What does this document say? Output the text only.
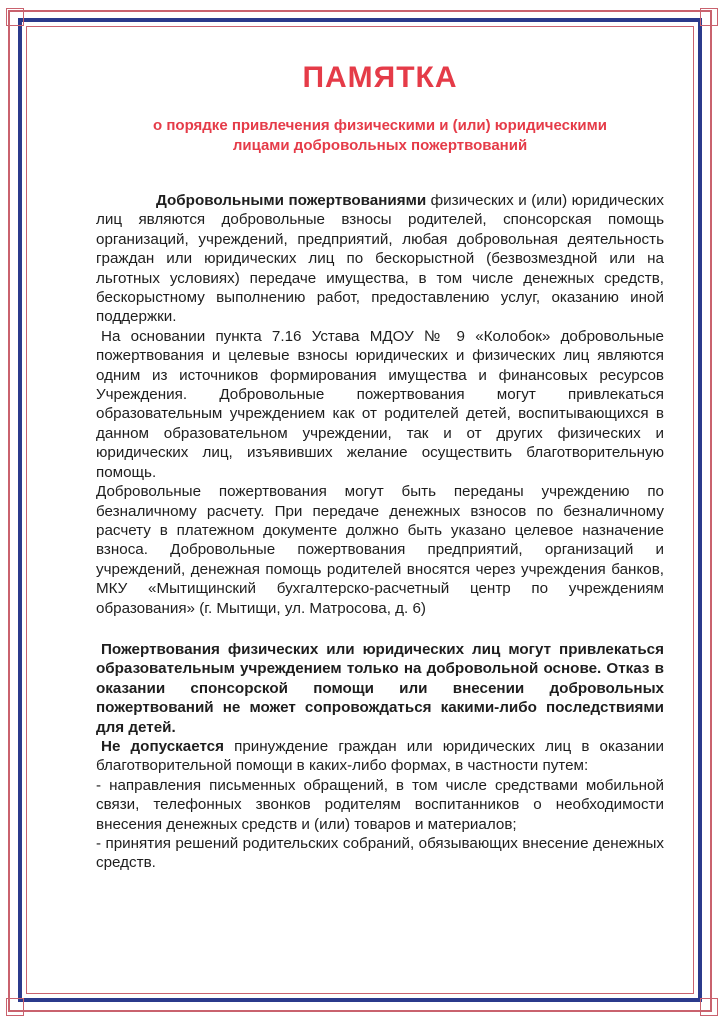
ПАМЯТКА
о порядке привлечения физическими и (или) юридическими
лицами добровольных пожертвований

Добровольными пожертвованиями физических и (или) юридических лиц являются добровольные взносы родителей, спонсорская помощь организаций, учреждений, предприятий, любая добровольная деятельность граждан или юридических лиц по бескорыстной (безвозмездной или на льготных условиях) передаче имущества, в том числе денежных средств, бескорыстному выполнению работ, предоставлению услуг, оказанию иной поддержки.

На основании пункта 7.16 Устава МДОУ № 9 «Колобок» добровольные пожертвования и целевые взносы юридических и физических лиц являются одним из источников формирования имущества и финансовых ресурсов Учреждения. Добровольные пожертвования могут привлекаться образовательным учреждением как от родителей детей, воспитывающихся в данном образовательном учреждении, так и от других физических и юридических лиц, изъявивших желание осуществить благотворительную помощь.

Добровольные пожертвования могут быть переданы учреждению по безналичному расчету. При передаче денежных взносов по безналичному расчету в платежном документе должно быть указано целевое назначение взноса. Добровольные пожертвования предприятий, организаций и учреждений, денежная помощь родителей вносятся через учреждения банков, МКУ «Мытищинский бухгалтерско-расчетный центр по учреждениям образования» (г. Мытищи, ул. Матросова, д. 6)

Пожертвования физических или юридических лиц могут привлекаться образовательным учреждением только на добровольной основе. Отказ в оказании спонсорской помощи или внесении добровольных пожертвований не может сопровождаться какими-либо последствиями для детей.

Не допускается принуждение граждан или юридических лиц в оказании благотворительной помощи в каких-либо формах, в частности путем:

- направления письменных обращений, в том числе средствами мобильной связи, телефонных звонков родителям воспитанников о необходимости внесения денежных средств и (или) товаров и материалов;

- принятия решений родительских собраний, обязывающих внесение денежных средств.
